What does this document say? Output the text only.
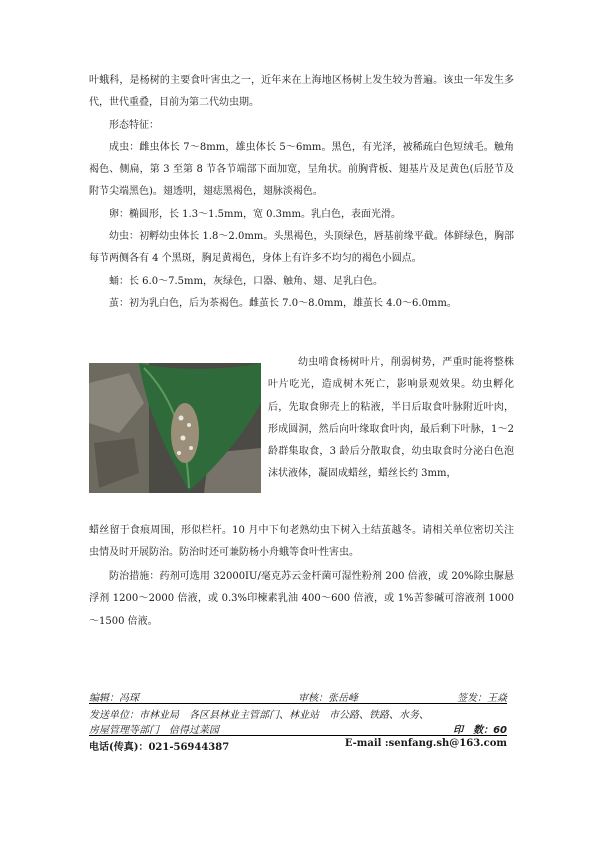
叶蛾科，是杨树的主要食叶害虫之一，近年来在上海地区杨树上发生较为普遍。该虫一年发生多代，世代重叠，目前为第二代幼虫期。

形态特征：

成虫：雌虫体长 7～8mm，雄虫体长 5～6mm。黑色，有光泽，被稀疏白色短绒毛。触角褐色、侧扁，第 3 至第 8 节各节端部下面加宽，呈角状。前胸背板、翅基片及足黄色(后胫节及附节尖端黑色)。翅透明，翅痣黑褐色，翅脉淡褐色。

卵：椭圆形，长 1.3～1.5mm，宽 0.3mm。乳白色，表面光滑。

幼虫：初孵幼虫体长 1.8～2.0mm。头黑褐色，头顶绿色，唇基前缘平截。体鲜绿色，胸部每节两侧各有 4 个黑斑，胸足黄褐色，身体上有许多不均匀的褐色小圆点。

蛹：长 6.0～7.5mm，灰绿色，口器、触角、翅、足乳白色。

茧：初为乳白色，后为茶褐色。雌茧长 7.0～8.0mm，雄茧长 4.0～6.0mm。

幼虫啃食杨树叶片，削弱树势，严重时能将整株叶片吃光，造成树木死亡，影响景观效果。幼虫孵化后，先取食卵壳上的粘液，半日后取食叶脉附近叶肉，形成圆洞，然后向叶缘取食叶肉，最后剩下叶脉，1～2 龄群集取食，3 龄后分散取食，幼虫取食时分泌白色泡沫状液体，凝固成蜡丝，蜡丝长约 3mm，
蜡丝留于食痕周围，形似栏杆。10 月中下旬老熟幼虫下树入土结茧越冬。请相关单位密切关注虫情及时开展防治。防治时还可兼防杨小舟蛾等食叶性害虫。
防治措施：药剂可选用 32000IU/毫克苏云金杆菌可湿性粉剂 200 倍液，或 20%除虫脲悬浮剂 1200～2000 倍液，或 0.3%印楝素乳油 400～600 倍液，或 1%苦参碱可溶液剂 1000～1500 倍液。
编辑：冯琛	审核：张岳峰	签发：王焱
发送单位：市林业局　各区县林业主管部门、林业站　市公路、铁路、水务、
房屋管理等部门　倍得过莱园	印　数：60
电话(传真)：021-56944387	E-mail :senfang.sh@163.com
